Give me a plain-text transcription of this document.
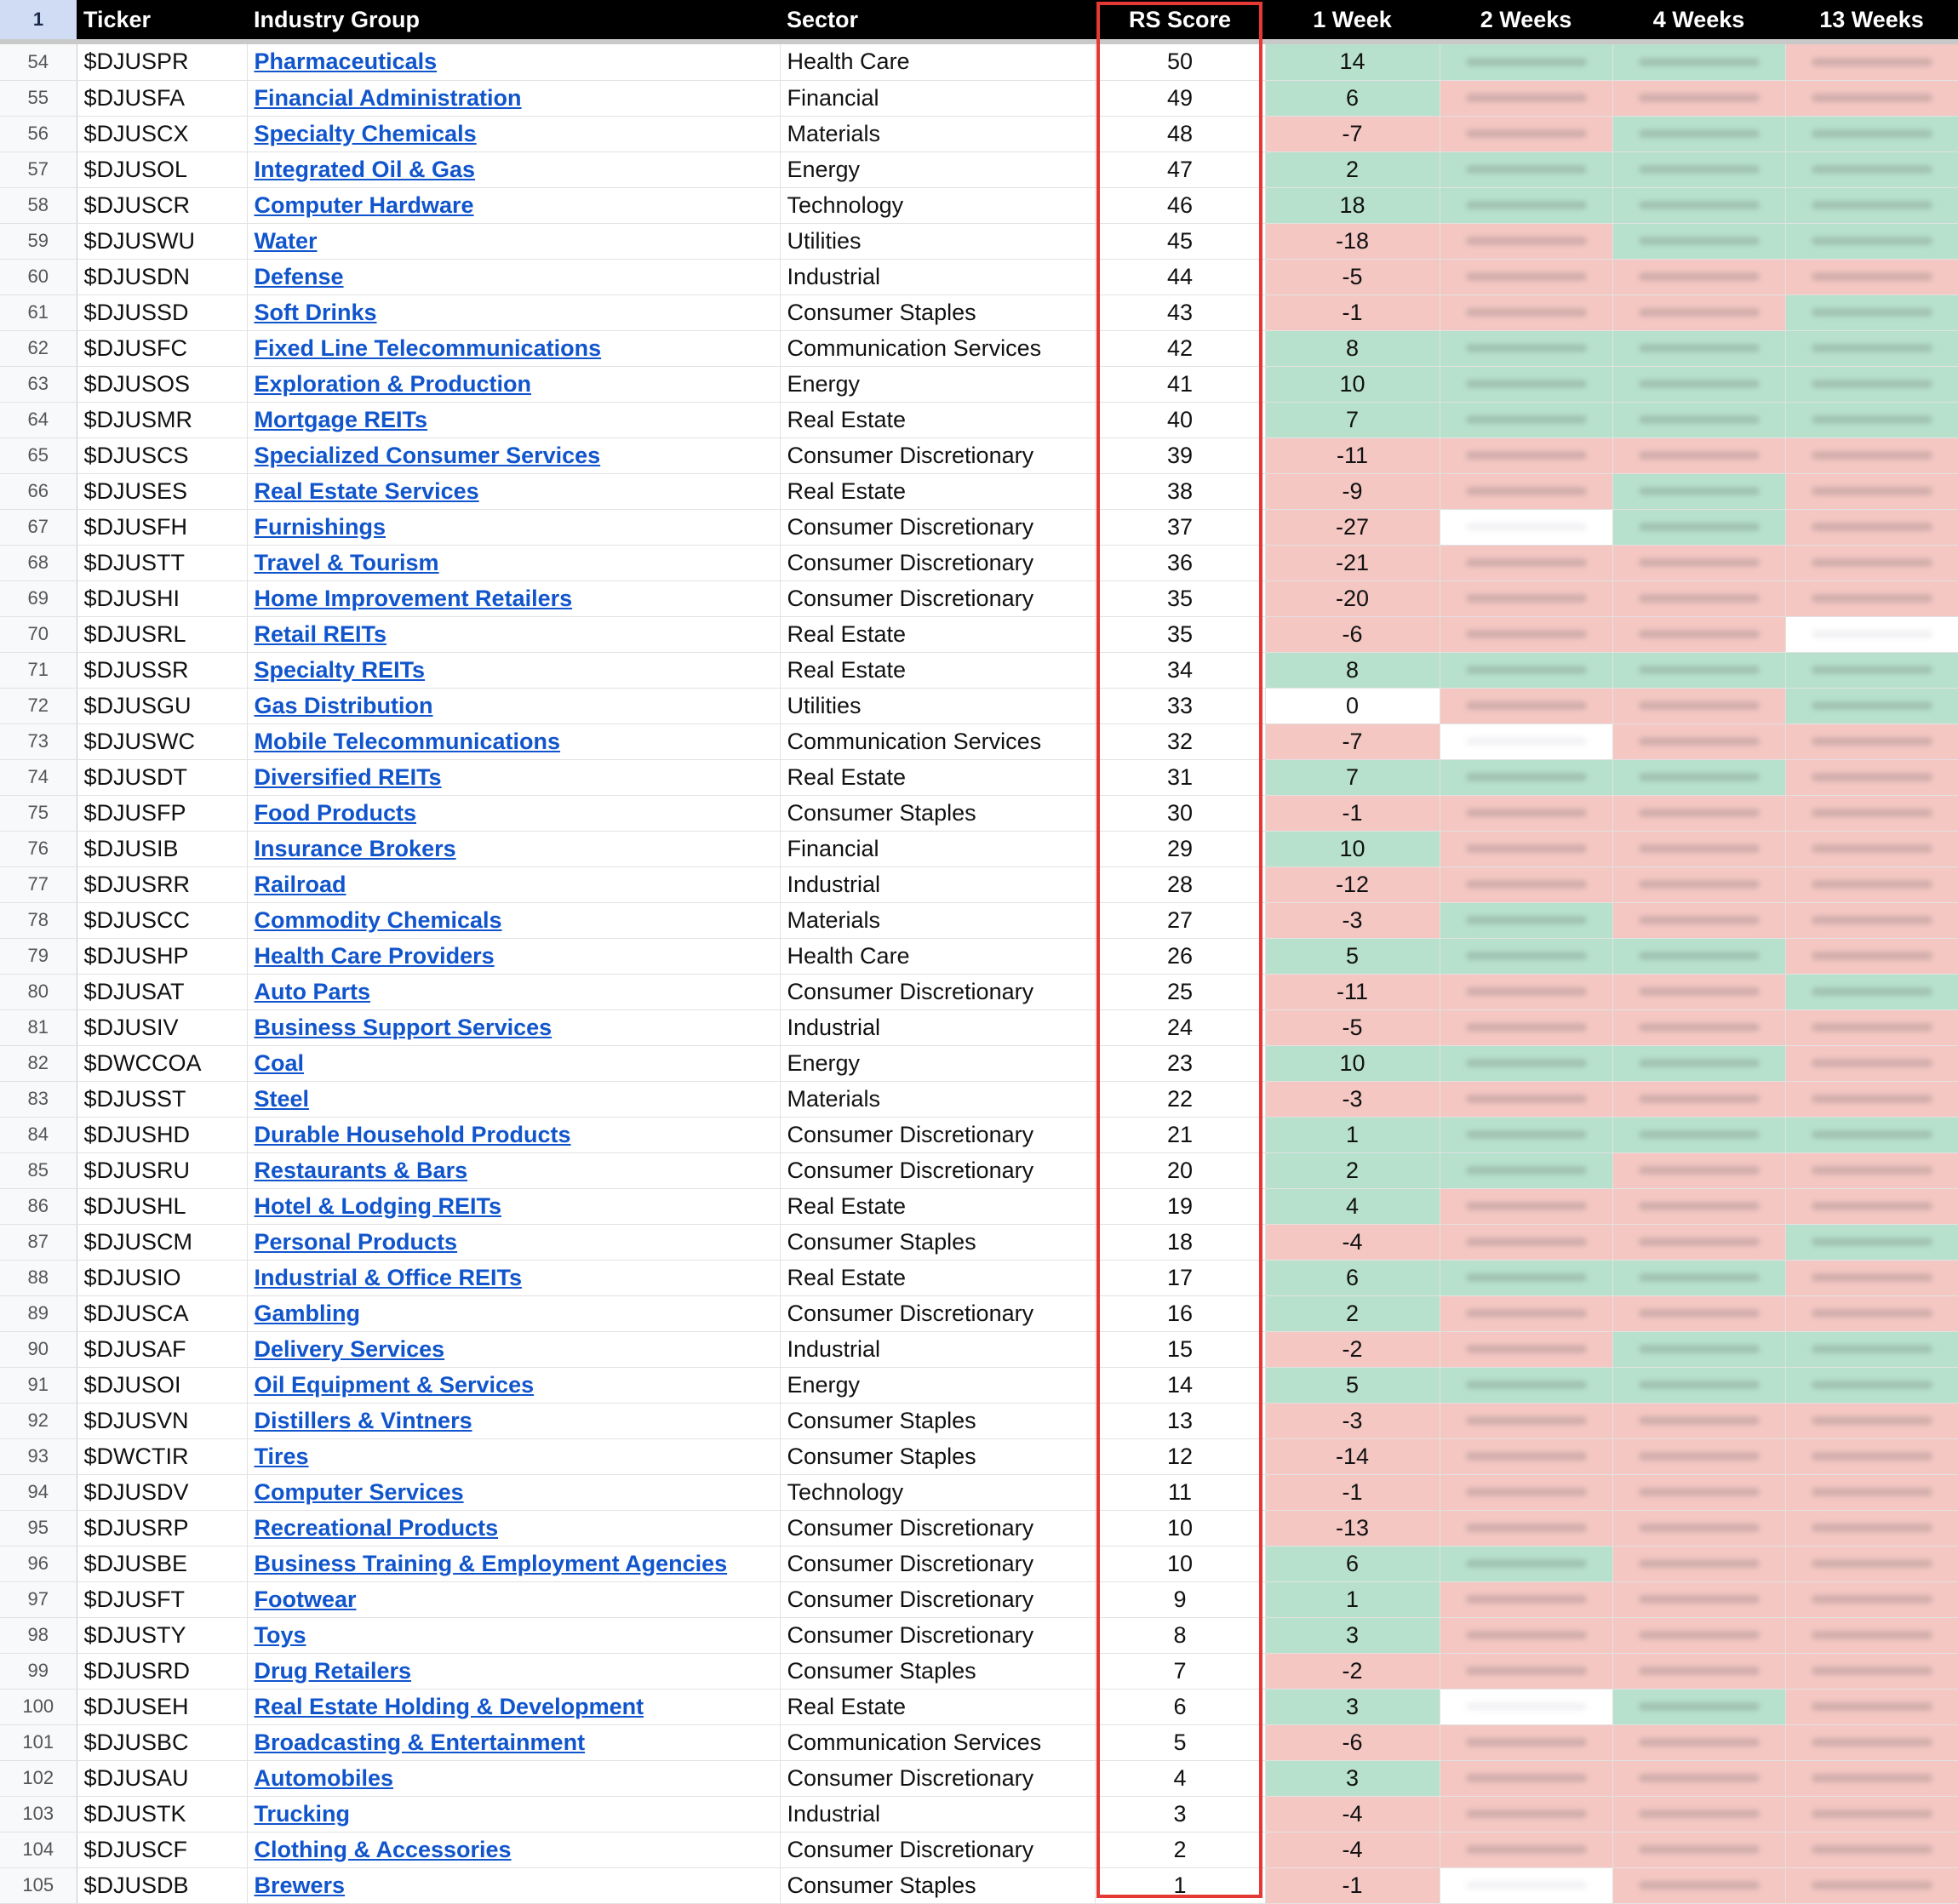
1	Ticker	Industry Group	Sector	RS Score	1 Week	2 Weeks	4 Weeks	13 Weeks

54	$DJUSPR	Pharmaceuticals	Health Care	50	14	

55	$DJUSFA	Financial Administration	Financial	49	6	

56	$DJUSCX	Specialty Chemicals	Materials	48	-7	

57	$DJUSOL	Integrated Oil & Gas	Energy	47	2	

58	$DJUSCR	Computer Hardware	Technology	46	18	

59	$DJUSWU	Water	Utilities	45	-18	

60	$DJUSDN	Defense	Industrial	44	-5	

61	$DJUSSD	Soft Drinks	Consumer Staples	43	-1	

62	$DJUSFC	Fixed Line Telecommunications	Communication Services	42	8	

63	$DJUSOS	Exploration & Production	Energy	41	10	

64	$DJUSMR	Mortgage REITs	Real Estate	40	7	

65	$DJUSCS	Specialized Consumer Services	Consumer Discretionary	39	-11	

66	$DJUSES	Real Estate Services	Real Estate	38	-9	

67	$DJUSFH	Furnishings	Consumer Discretionary	37	-27	

68	$DJUSTT	Travel & Tourism	Consumer Discretionary	36	-21	

69	$DJUSHI	Home Improvement Retailers	Consumer Discretionary	35	-20	

70	$DJUSRL	Retail REITs	Real Estate	35	-6	

71	$DJUSSR	Specialty REITs	Real Estate	34	8	

72	$DJUSGU	Gas Distribution	Utilities	33	0	

73	$DJUSWC	Mobile Telecommunications	Communication Services	32	-7	

74	$DJUSDT	Diversified REITs	Real Estate	31	7	

75	$DJUSFP	Food Products	Consumer Staples	30	-1	

76	$DJUSIB	Insurance Brokers	Financial	29	10	

77	$DJUSRR	Railroad	Industrial	28	-12	

78	$DJUSCC	Commodity Chemicals	Materials	27	-3	

79	$DJUSHP	Health Care Providers	Health Care	26	5	

80	$DJUSAT	Auto Parts	Consumer Discretionary	25	-11	

81	$DJUSIV	Business Support Services	Industrial	24	-5	

82	$DWCCOA	Coal	Energy	23	10	

83	$DJUSST	Steel	Materials	22	-3	

84	$DJUSHD	Durable Household Products	Consumer Discretionary	21	1	

85	$DJUSRU	Restaurants & Bars	Consumer Discretionary	20	2	

86	$DJUSHL	Hotel & Lodging REITs	Real Estate	19	4	

87	$DJUSCM	Personal Products	Consumer Staples	18	-4	

88	$DJUSIO	Industrial & Office REITs	Real Estate	17	6	

89	$DJUSCA	Gambling	Consumer Discretionary	16	2	

90	$DJUSAF	Delivery Services	Industrial	15	-2	

91	$DJUSOI	Oil Equipment & Services	Energy	14	5	

92	$DJUSVN	Distillers & Vintners	Consumer Staples	13	-3	

93	$DWCTIR	Tires	Consumer Staples	12	-14	

94	$DJUSDV	Computer Services	Technology	11	-1	

95	$DJUSRP	Recreational Products	Consumer Discretionary	10	-13	

96	$DJUSBE	Business Training & Employment Agencies	Consumer Discretionary	10	6	

97	$DJUSFT	Footwear	Consumer Discretionary	9	1	

98	$DJUSTY	Toys	Consumer Discretionary	8	3	

99	$DJUSRD	Drug Retailers	Consumer Staples	7	-2	

100	$DJUSEH	Real Estate Holding & Development	Real Estate	6	3	

101	$DJUSBC	Broadcasting & Entertainment	Communication Services	5	-6	

102	$DJUSAU	Automobiles	Consumer Discretionary	4	3	

103	$DJUSTK	Trucking	Industrial	3	-4	

104	$DJUSCF	Clothing & Accessories	Consumer Discretionary	2	-4	

105	$DJUSDB	Brewers	Consumer Staples	1	-1	
